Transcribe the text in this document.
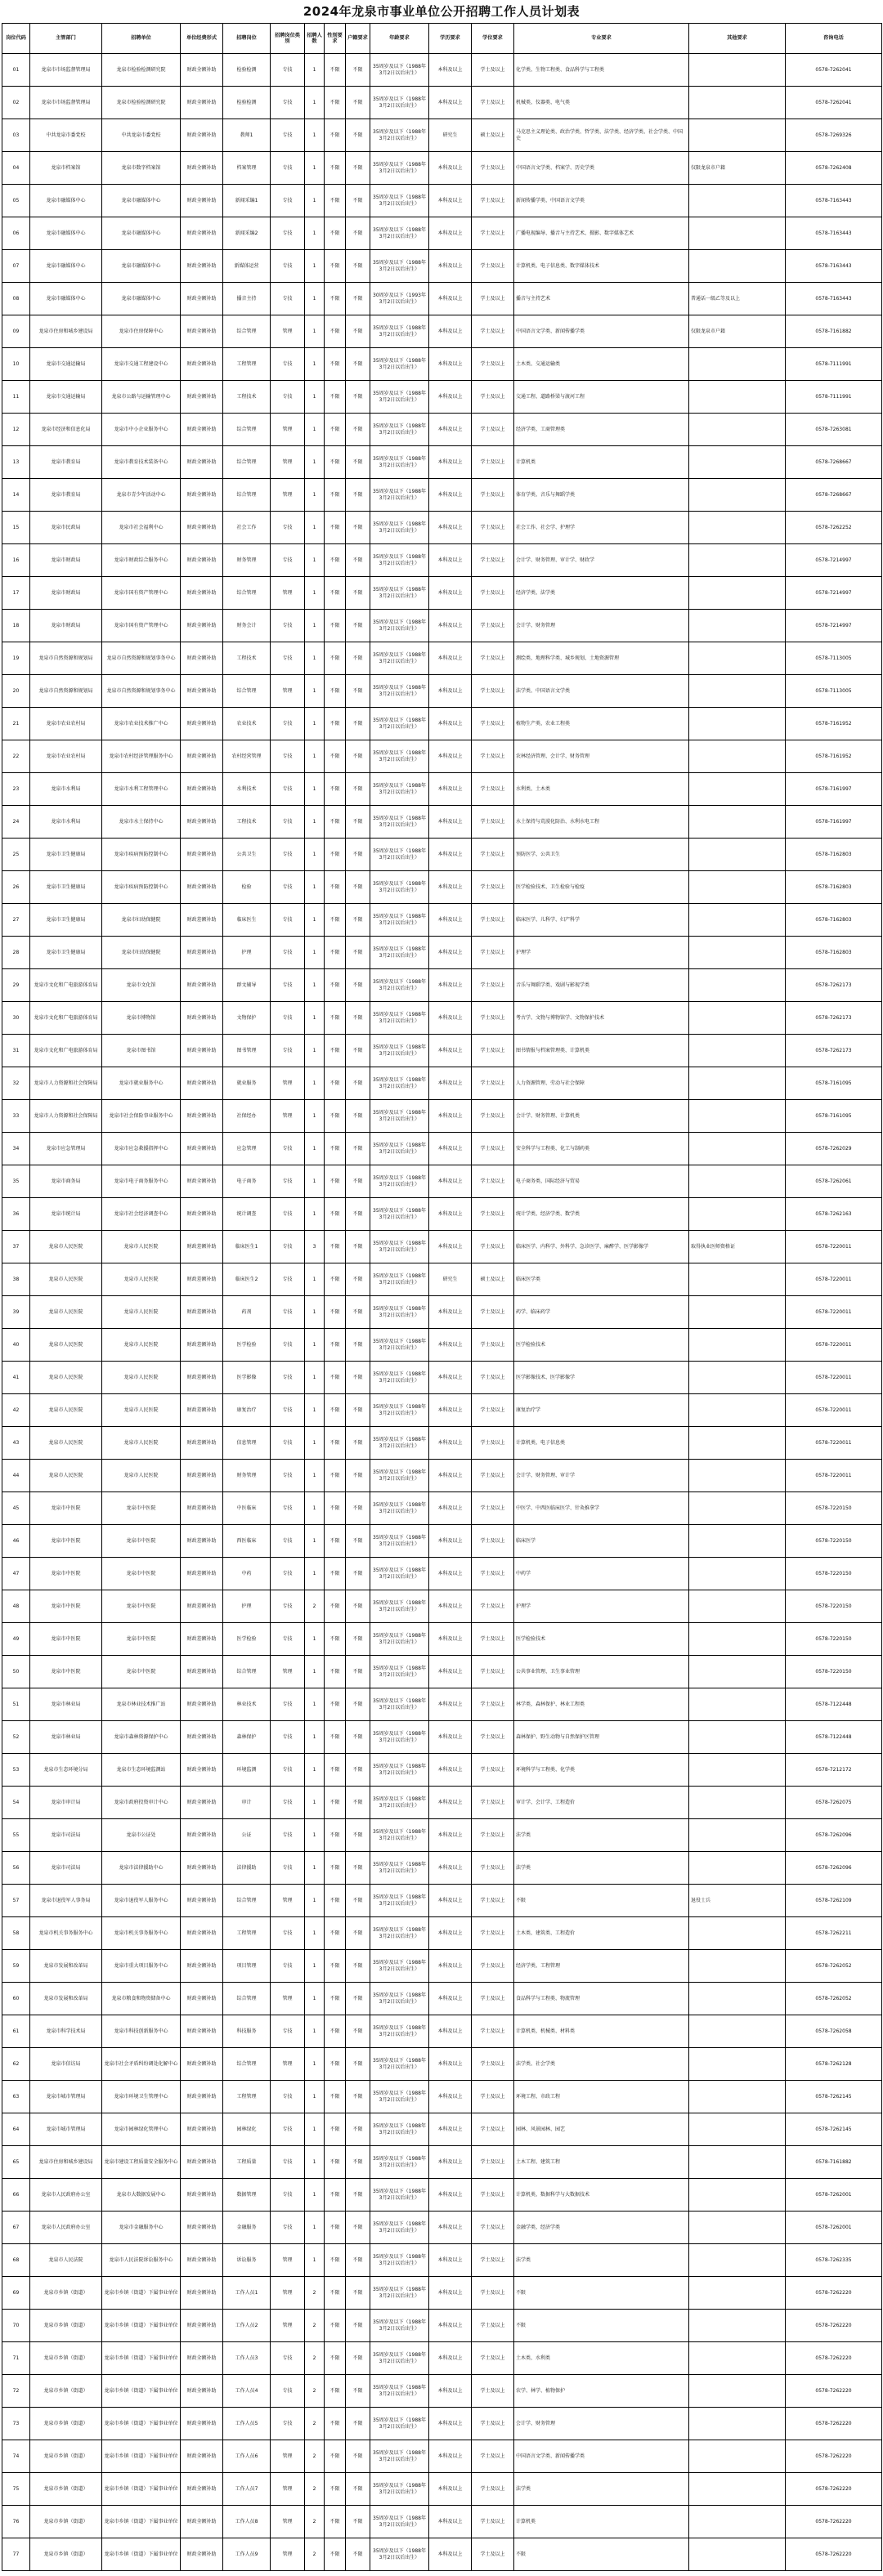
2024年龙泉市事业单位公开招聘工作人员计划表
岗位代码	主管部门	招聘单位	单位经费形式	招聘岗位	招聘岗位类别	招聘人数	性别要求	户籍要求	年龄要求	学历要求	学位要求	专业要求	其他要求	咨询电话
01	龙泉市市场监督管理局	龙泉市检验检测研究院	财政全额补助	检验检测	专技	1	不限	不限	35周岁及以下（1988年3月2日以后出生）	本科及以上	学士及以上	化学类、生物工程类、食品科学与工程类		0578-7262041
02	龙泉市市场监督管理局	龙泉市检验检测研究院	财政全额补助	检验检测	专技	1	不限	不限	35周岁及以下（1988年3月2日以后出生）	本科及以上	学士及以上	机械类、仪器类、电气类		0578-7262041
03	中共龙泉市委党校	中共龙泉市委党校	财政全额补助	教师1	专技	1	不限	不限	35周岁及以下（1988年3月2日以后出生）	研究生	硕士及以上	马克思主义理论类、政治学类、哲学类、法学类、经济学类、社会学类、中国史		0578-7269326
04	龙泉市档案馆	龙泉市数字档案馆	财政全额补助	档案管理	专技	1	不限	不限	35周岁及以下（1988年3月2日以后出生）	本科及以上	学士及以上	中国语言文学类、档案学、历史学类	仅限龙泉市户籍	0578-7262408
05	龙泉市融媒体中心	龙泉市融媒体中心	财政全额补助	新闻采编1	专技	1	不限	不限	35周岁及以下（1988年3月2日以后出生）	本科及以上	学士及以上	新闻传播学类、中国语言文学类		0578-7163443
06	龙泉市融媒体中心	龙泉市融媒体中心	财政全额补助	新闻采编2	专技	1	不限	不限	35周岁及以下（1988年3月2日以后出生）	本科及以上	学士及以上	广播电视编导、播音与主持艺术、摄影、数字媒体艺术		0578-7163443
07	龙泉市融媒体中心	龙泉市融媒体中心	财政全额补助	新媒体运营	专技	1	不限	不限	35周岁及以下（1988年3月2日以后出生）	本科及以上	学士及以上	计算机类、电子信息类、数字媒体技术		0578-7163443
08	龙泉市融媒体中心	龙泉市融媒体中心	财政全额补助	播音主持	专技	1	不限	不限	30周岁及以下（1993年3月2日以后出生）	本科及以上	学士及以上	播音与主持艺术	普通话一级乙等及以上	0578-7163443
09	龙泉市住房和城乡建设局	龙泉市住房保障中心	财政全额补助	综合管理	管理	1	不限	不限	35周岁及以下（1988年3月2日以后出生）	本科及以上	学士及以上	中国语言文学类、新闻传播学类	仅限龙泉市户籍	0578-7161882
10	龙泉市交通运输局	龙泉市交通工程建设中心	财政全额补助	工程管理	专技	1	不限	不限	35周岁及以下（1988年3月2日以后出生）	本科及以上	学士及以上	土木类、交通运输类		0578-7111991
11	龙泉市交通运输局	龙泉市公路与运输管理中心	财政全额补助	工程技术	专技	1	不限	不限	35周岁及以下（1988年3月2日以后出生）	本科及以上	学士及以上	交通工程、道路桥梁与渡河工程		0578-7111991
12	龙泉市经济和信息化局	龙泉市中小企业服务中心	财政全额补助	综合管理	管理	1	不限	不限	35周岁及以下（1988年3月2日以后出生）	本科及以上	学士及以上	经济学类、工商管理类		0578-7263081
13	龙泉市教育局	龙泉市教育技术装备中心	财政全额补助	综合管理	管理	1	不限	不限	35周岁及以下（1988年3月2日以后出生）	本科及以上	学士及以上	计算机类		0578-7268667
14	龙泉市教育局	龙泉市青少年活动中心	财政全额补助	综合管理	管理	1	不限	不限	35周岁及以下（1988年3月2日以后出生）	本科及以上	学士及以上	体育学类、音乐与舞蹈学类		0578-7268667
15	龙泉市民政局	龙泉市社会福利中心	财政全额补助	社会工作	专技	1	不限	不限	35周岁及以下（1988年3月2日以后出生）	本科及以上	学士及以上	社会工作、社会学、护理学		0578-7262252
16	龙泉市财政局	龙泉市财政综合服务中心	财政全额补助	财务管理	专技	1	不限	不限	35周岁及以下（1988年3月2日以后出生）	本科及以上	学士及以上	会计学、财务管理、审计学、财政学		0578-7214997
17	龙泉市财政局	龙泉市国有资产管理中心	财政全额补助	综合管理	管理	1	不限	不限	35周岁及以下（1988年3月2日以后出生）	本科及以上	学士及以上	经济学类、法学类		0578-7214997
18	龙泉市财政局	龙泉市国有资产管理中心	财政全额补助	财务会计	专技	1	不限	不限	35周岁及以下（1988年3月2日以后出生）	本科及以上	学士及以上	会计学、财务管理		0578-7214997
19	龙泉市自然资源和规划局	龙泉市自然资源和规划事务中心	财政全额补助	工程技术	专技	1	不限	不限	35周岁及以下（1988年3月2日以后出生）	本科及以上	学士及以上	测绘类、地理科学类、城乡规划、土地资源管理		0578-7113005
20	龙泉市自然资源和规划局	龙泉市自然资源和规划事务中心	财政全额补助	综合管理	管理	1	不限	不限	35周岁及以下（1988年3月2日以后出生）	本科及以上	学士及以上	法学类、中国语言文学类		0578-7113005
21	龙泉市农业农村局	龙泉市农业技术推广中心	财政全额补助	农业技术	专技	1	不限	不限	35周岁及以下（1988年3月2日以后出生）	本科及以上	学士及以上	植物生产类、农业工程类		0578-7161952
22	龙泉市农业农村局	龙泉市农村经济管理服务中心	财政全额补助	农村经营管理	专技	1	不限	不限	35周岁及以下（1988年3月2日以后出生）	本科及以上	学士及以上	农林经济管理、会计学、财务管理		0578-7161952
23	龙泉市水利局	龙泉市水利工程管理中心	财政全额补助	水利技术	专技	1	不限	不限	35周岁及以下（1988年3月2日以后出生）	本科及以上	学士及以上	水利类、土木类		0578-7161997
24	龙泉市水利局	龙泉市水土保持中心	财政全额补助	工程技术	专技	1	不限	不限	35周岁及以下（1988年3月2日以后出生）	本科及以上	学士及以上	水土保持与荒漠化防治、水利水电工程		0578-7161997
25	龙泉市卫生健康局	龙泉市疾病预防控制中心	财政全额补助	公共卫生	专技	1	不限	不限	35周岁及以下（1988年3月2日以后出生）	本科及以上	学士及以上	预防医学、公共卫生		0578-7162803
26	龙泉市卫生健康局	龙泉市疾病预防控制中心	财政全额补助	检验	专技	1	不限	不限	35周岁及以下（1988年3月2日以后出生）	本科及以上	学士及以上	医学检验技术、卫生检验与检疫		0578-7162803
27	龙泉市卫生健康局	龙泉市妇幼保健院	财政差额补助	临床医生	专技	1	不限	不限	35周岁及以下（1988年3月2日以后出生）	本科及以上	学士及以上	临床医学、儿科学、妇产科学		0578-7162803
28	龙泉市卫生健康局	龙泉市妇幼保健院	财政差额补助	护理	专技	1	不限	不限	35周岁及以下（1988年3月2日以后出生）	本科及以上	学士及以上	护理学		0578-7162803
29	龙泉市文化和广电旅游体育局	龙泉市文化馆	财政全额补助	群文辅导	专技	1	不限	不限	35周岁及以下（1988年3月2日以后出生）	本科及以上	学士及以上	音乐与舞蹈学类、戏剧与影视学类		0578-7262173
30	龙泉市文化和广电旅游体育局	龙泉市博物馆	财政全额补助	文物保护	专技	1	不限	不限	35周岁及以下（1988年3月2日以后出生）	本科及以上	学士及以上	考古学、文物与博物馆学、文物保护技术		0578-7262173
31	龙泉市文化和广电旅游体育局	龙泉市图书馆	财政全额补助	图书管理	专技	1	不限	不限	35周岁及以下（1988年3月2日以后出生）	本科及以上	学士及以上	图书情报与档案管理类、计算机类		0578-7262173
32	龙泉市人力资源和社会保障局	龙泉市就业服务中心	财政全额补助	就业服务	管理	1	不限	不限	35周岁及以下（1988年3月2日以后出生）	本科及以上	学士及以上	人力资源管理、劳动与社会保障		0578-7161095
33	龙泉市人力资源和社会保障局	龙泉市社会保险事业服务中心	财政全额补助	社保经办	管理	1	不限	不限	35周岁及以下（1988年3月2日以后出生）	本科及以上	学士及以上	会计学、财务管理、计算机类		0578-7161095
34	龙泉市应急管理局	龙泉市应急救援指挥中心	财政全额补助	应急管理	专技	1	不限	不限	35周岁及以下（1988年3月2日以后出生）	本科及以上	学士及以上	安全科学与工程类、化工与制药类		0578-7262029
35	龙泉市商务局	龙泉市电子商务服务中心	财政全额补助	电子商务	专技	1	不限	不限	35周岁及以下（1988年3月2日以后出生）	本科及以上	学士及以上	电子商务类、国际经济与贸易		0578-7262061
36	龙泉市统计局	龙泉市社会经济调查中心	财政全额补助	统计调查	专技	1	不限	不限	35周岁及以下（1988年3月2日以后出生）	本科及以上	学士及以上	统计学类、经济学类、数学类		0578-7262163
37	龙泉市人民医院	龙泉市人民医院	财政差额补助	临床医生1	专技	3	不限	不限	35周岁及以下（1988年3月2日以后出生）	本科及以上	学士及以上	临床医学、内科学、外科学、急诊医学、麻醉学、医学影像学	取得执业医师资格证	0578-7220011
38	龙泉市人民医院	龙泉市人民医院	财政差额补助	临床医生2	专技	1	不限	不限	35周岁及以下（1988年3月2日以后出生）	研究生	硕士及以上	临床医学类		0578-7220011
39	龙泉市人民医院	龙泉市人民医院	财政差额补助	药剂	专技	1	不限	不限	35周岁及以下（1988年3月2日以后出生）	本科及以上	学士及以上	药学、临床药学		0578-7220011
40	龙泉市人民医院	龙泉市人民医院	财政差额补助	医学检验	专技	1	不限	不限	35周岁及以下（1988年3月2日以后出生）	本科及以上	学士及以上	医学检验技术		0578-7220011
41	龙泉市人民医院	龙泉市人民医院	财政差额补助	医学影像	专技	1	不限	不限	35周岁及以下（1988年3月2日以后出生）	本科及以上	学士及以上	医学影像技术、医学影像学		0578-7220011
42	龙泉市人民医院	龙泉市人民医院	财政差额补助	康复治疗	专技	1	不限	不限	35周岁及以下（1988年3月2日以后出生）	本科及以上	学士及以上	康复治疗学		0578-7220011
43	龙泉市人民医院	龙泉市人民医院	财政差额补助	信息管理	专技	1	不限	不限	35周岁及以下（1988年3月2日以后出生）	本科及以上	学士及以上	计算机类、电子信息类		0578-7220011
44	龙泉市人民医院	龙泉市人民医院	财政差额补助	财务管理	专技	1	不限	不限	35周岁及以下（1988年3月2日以后出生）	本科及以上	学士及以上	会计学、财务管理、审计学		0578-7220011
45	龙泉市中医院	龙泉市中医院	财政差额补助	中医临床	专技	1	不限	不限	35周岁及以下（1988年3月2日以后出生）	本科及以上	学士及以上	中医学、中西医临床医学、针灸推拿学		0578-7220150
46	龙泉市中医院	龙泉市中医院	财政差额补助	西医临床	专技	1	不限	不限	35周岁及以下（1988年3月2日以后出生）	本科及以上	学士及以上	临床医学		0578-7220150
47	龙泉市中医院	龙泉市中医院	财政差额补助	中药	专技	1	不限	不限	35周岁及以下（1988年3月2日以后出生）	本科及以上	学士及以上	中药学		0578-7220150
48	龙泉市中医院	龙泉市中医院	财政差额补助	护理	专技	2	不限	不限	35周岁及以下（1988年3月2日以后出生）	本科及以上	学士及以上	护理学		0578-7220150
49	龙泉市中医院	龙泉市中医院	财政差额补助	医学检验	专技	1	不限	不限	35周岁及以下（1988年3月2日以后出生）	本科及以上	学士及以上	医学检验技术		0578-7220150
50	龙泉市中医院	龙泉市中医院	财政差额补助	综合管理	管理	1	不限	不限	35周岁及以下（1988年3月2日以后出生）	本科及以上	学士及以上	公共事业管理、卫生事业管理		0578-7220150
51	龙泉市林业局	龙泉市林业技术推广站	财政全额补助	林业技术	专技	1	不限	不限	35周岁及以下（1988年3月2日以后出生）	本科及以上	学士及以上	林学类、森林保护、林业工程类		0578-7122448
52	龙泉市林业局	龙泉市森林资源保护中心	财政全额补助	森林保护	专技	1	不限	不限	35周岁及以下（1988年3月2日以后出生）	本科及以上	学士及以上	森林保护、野生动物与自然保护区管理		0578-7122448
53	龙泉市生态环境分局	龙泉市生态环境监测站	财政全额补助	环境监测	专技	1	不限	不限	35周岁及以下（1988年3月2日以后出生）	本科及以上	学士及以上	环境科学与工程类、化学类		0578-7212172
54	龙泉市审计局	龙泉市政府投资审计中心	财政全额补助	审计	专技	1	不限	不限	35周岁及以下（1988年3月2日以后出生）	本科及以上	学士及以上	审计学、会计学、工程造价		0578-7262075
55	龙泉市司法局	龙泉市公证处	财政全额补助	公证	专技	1	不限	不限	35周岁及以下（1988年3月2日以后出生）	本科及以上	学士及以上	法学类		0578-7262096
56	龙泉市司法局	龙泉市法律援助中心	财政全额补助	法律援助	专技	1	不限	不限	35周岁及以下（1988年3月2日以后出生）	本科及以上	学士及以上	法学类		0578-7262096
57	龙泉市退役军人事务局	龙泉市退役军人服务中心	财政全额补助	综合管理	管理	1	不限	不限	35周岁及以下（1988年3月2日以后出生）	本科及以上	学士及以上	不限	退役士兵	0578-7262109
58	龙泉市机关事务服务中心	龙泉市机关事务服务中心	财政全额补助	工程管理	专技	1	不限	不限	35周岁及以下（1988年3月2日以后出生）	本科及以上	学士及以上	土木类、建筑类、工程造价		0578-7262211
59	龙泉市发展和改革局	龙泉市重大项目服务中心	财政全额补助	项目管理	专技	1	不限	不限	35周岁及以下（1988年3月2日以后出生）	本科及以上	学士及以上	经济学类、工程管理		0578-7262052
60	龙泉市发展和改革局	龙泉市粮食和物资储备中心	财政全额补助	综合管理	管理	1	不限	不限	35周岁及以下（1988年3月2日以后出生）	本科及以上	学士及以上	食品科学与工程类、物流管理		0578-7262052
61	龙泉市科学技术局	龙泉市科技创新服务中心	财政全额补助	科技服务	专技	1	不限	不限	35周岁及以下（1988年3月2日以后出生）	本科及以上	学士及以上	计算机类、机械类、材料类		0578-7262058
62	龙泉市信访局	龙泉市社会矛盾纠纷调处化解中心	财政全额补助	综合管理	管理	1	不限	不限	35周岁及以下（1988年3月2日以后出生）	本科及以上	学士及以上	法学类、社会学类		0578-7262128
63	龙泉市城市管理局	龙泉市环境卫生管理中心	财政全额补助	工程管理	专技	1	不限	不限	35周岁及以下（1988年3月2日以后出生）	本科及以上	学士及以上	环境工程、市政工程		0578-7262145
64	龙泉市城市管理局	龙泉市园林绿化管理中心	财政全额补助	园林绿化	专技	1	不限	不限	35周岁及以下（1988年3月2日以后出生）	本科及以上	学士及以上	园林、风景园林、园艺		0578-7262145
65	龙泉市住房和城乡建设局	龙泉市建设工程质量安全服务中心	财政全额补助	工程质量	专技	1	不限	不限	35周岁及以下（1988年3月2日以后出生）	本科及以上	学士及以上	土木工程、建筑工程		0578-7161882
66	龙泉市人民政府办公室	龙泉市大数据发展中心	财政全额补助	数据管理	专技	1	不限	不限	35周岁及以下（1988年3月2日以后出生）	本科及以上	学士及以上	计算机类、数据科学与大数据技术		0578-7262001
67	龙泉市人民政府办公室	龙泉市金融服务中心	财政全额补助	金融服务	专技	1	不限	不限	35周岁及以下（1988年3月2日以后出生）	本科及以上	学士及以上	金融学类、经济学类		0578-7262001
68	龙泉市人民法院	龙泉市人民法院诉讼服务中心	财政全额补助	诉讼服务	管理	1	不限	不限	35周岁及以下（1988年3月2日以后出生）	本科及以上	学士及以上	法学类		0578-7262335
69	龙泉市乡镇（街道）	龙泉市乡镇（街道）下属事业单位	财政全额补助	工作人员1	管理	2	不限	不限	35周岁及以下（1988年3月2日以后出生）	本科及以上	学士及以上	不限		0578-7262220
70	龙泉市乡镇（街道）	龙泉市乡镇（街道）下属事业单位	财政全额补助	工作人员2	管理	2	不限	不限	35周岁及以下（1988年3月2日以后出生）	本科及以上	学士及以上	不限		0578-7262220
71	龙泉市乡镇（街道）	龙泉市乡镇（街道）下属事业单位	财政全额补助	工作人员3	专技	2	不限	不限	35周岁及以下（1988年3月2日以后出生）	本科及以上	学士及以上	土木类、水利类		0578-7262220
72	龙泉市乡镇（街道）	龙泉市乡镇（街道）下属事业单位	财政全额补助	工作人员4	专技	2	不限	不限	35周岁及以下（1988年3月2日以后出生）	本科及以上	学士及以上	农学、林学、植物保护		0578-7262220
73	龙泉市乡镇（街道）	龙泉市乡镇（街道）下属事业单位	财政全额补助	工作人员5	专技	2	不限	不限	35周岁及以下（1988年3月2日以后出生）	本科及以上	学士及以上	会计学、财务管理		0578-7262220
74	龙泉市乡镇（街道）	龙泉市乡镇（街道）下属事业单位	财政全额补助	工作人员6	管理	2	不限	不限	35周岁及以下（1988年3月2日以后出生）	本科及以上	学士及以上	中国语言文学类、新闻传播学类		0578-7262220
75	龙泉市乡镇（街道）	龙泉市乡镇（街道）下属事业单位	财政全额补助	工作人员7	管理	2	不限	不限	35周岁及以下（1988年3月2日以后出生）	本科及以上	学士及以上	法学类		0578-7262220
76	龙泉市乡镇（街道）	龙泉市乡镇（街道）下属事业单位	财政全额补助	工作人员8	管理	2	不限	不限	35周岁及以下（1988年3月2日以后出生）	本科及以上	学士及以上	计算机类		0578-7262220
77	龙泉市乡镇（街道）	龙泉市乡镇（街道）下属事业单位	财政全额补助	工作人员9	管理	2	不限	不限	35周岁及以下（1988年3月2日以后出生）	本科及以上	学士及以上	不限		0578-7262220
